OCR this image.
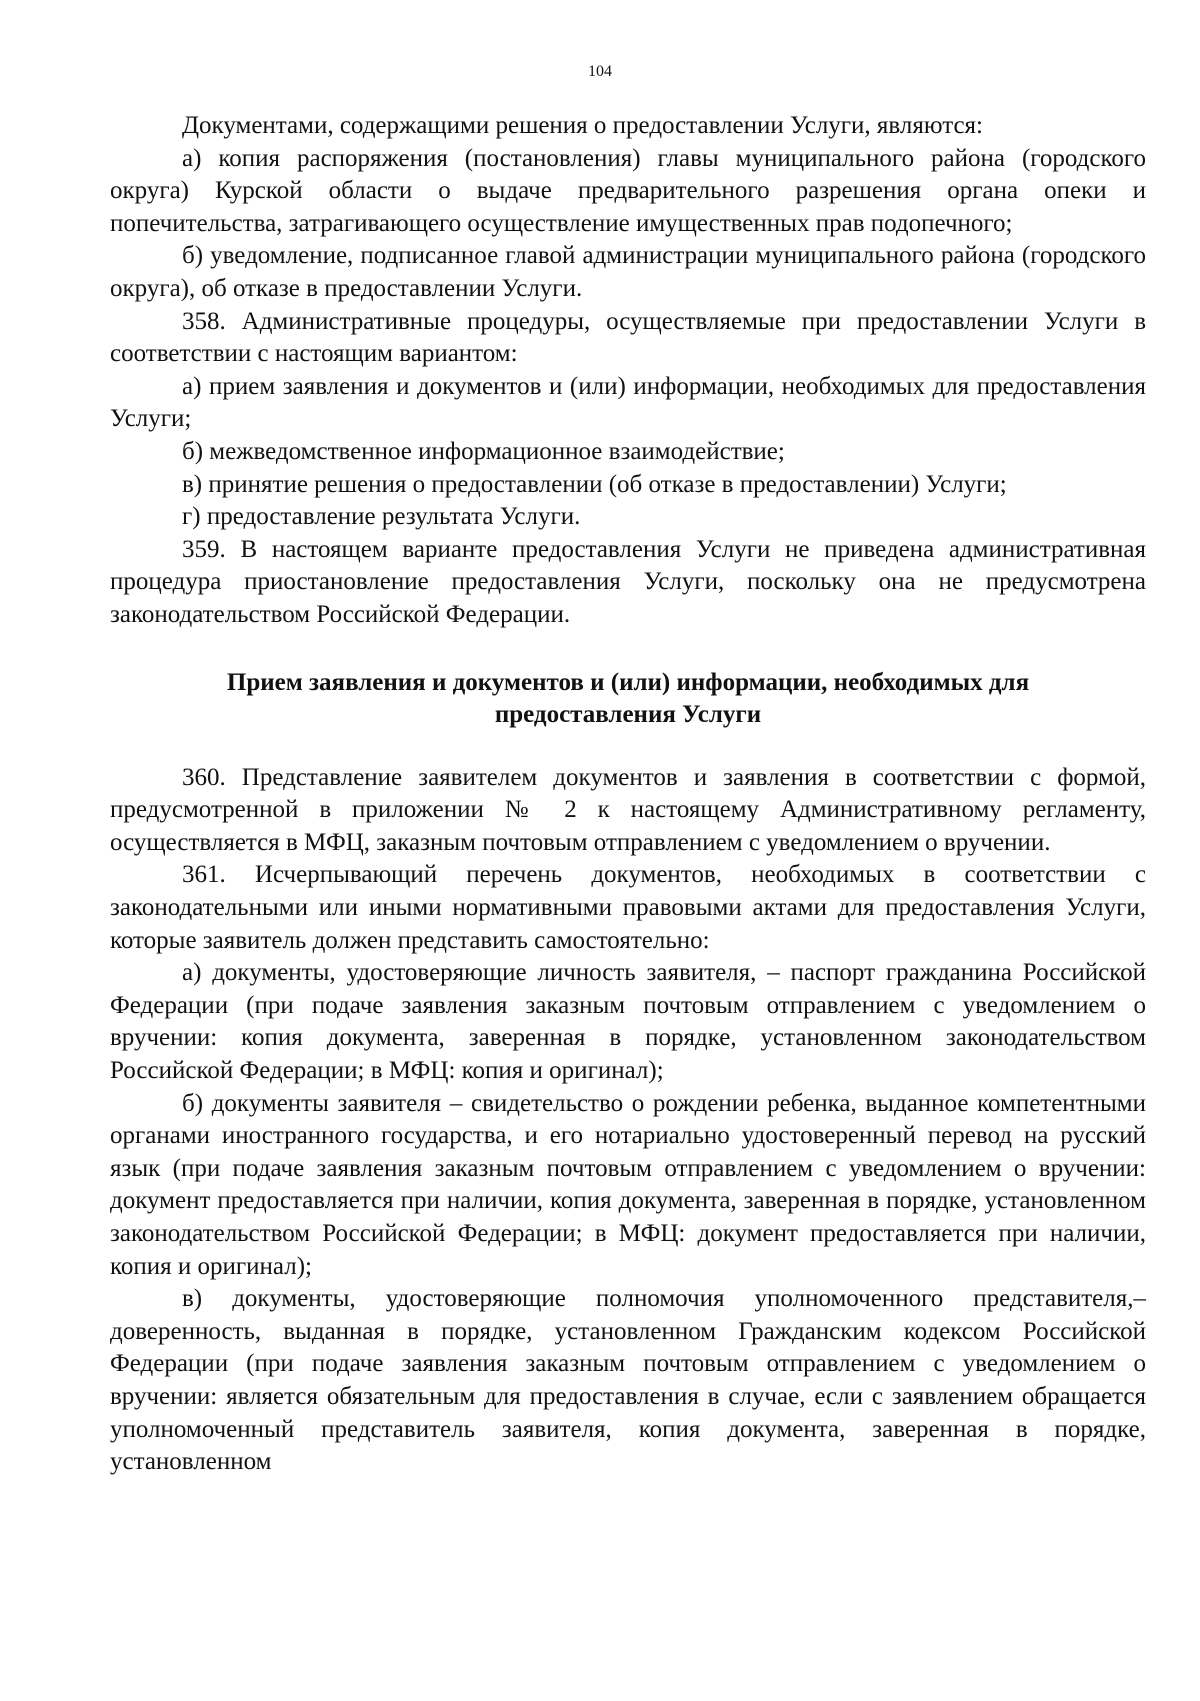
104

Документами, содержащими решения о предоставлении Услуги, являются:

а) копия распоряжения (постановления) главы муниципального района (городского округа) Курской области о выдаче предварительного разрешения органа опеки и попечительства, затрагивающего осуществление имущественных прав подопечного;

б) уведомление, подписанное главой администрации муниципального района (городского округа), об отказе в предоставлении Услуги.

358. Административные процедуры, осуществляемые при предоставлении Услуги в соответствии с настоящим вариантом:

а) прием заявления и документов и (или) информации, необходимых для предоставления Услуги;

б) межведомственное информационное взаимодействие;

в) принятие решения о предоставлении (об отказе в предоставлении) Услуги;

г) предоставление результата Услуги.

359. В настоящем варианте предоставления Услуги не приведена административная процедура приостановление предоставления Услуги, поскольку она не предусмотрена законодательством Российской Федерации.

Прием заявления и документов и (или) информации, необходимых для предоставления Услуги

360. Представление заявителем документов и заявления в соответствии с формой, предусмотренной в приложении № 2 к настоящему Административному регламенту, осуществляется в МФЦ, заказным почтовым отправлением с уведомлением о вручении.

361. Исчерпывающий перечень документов, необходимых в соответствии с законодательными или иными нормативными правовыми актами для предоставления Услуги, которые заявитель должен представить самостоятельно:

а) документы, удостоверяющие личность заявителя, – паспорт гражданина Российской Федерации (при подаче заявления заказным почтовым отправлением с уведомлением о вручении: копия документа, заверенная в порядке, установленном законодательством Российской Федерации; в МФЦ: копия и оригинал);

б) документы заявителя – свидетельство о рождении ребенка, выданное компетентными органами иностранного государства, и его нотариально удостоверенный перевод на русский язык (при подаче заявления заказным почтовым отправлением с уведомлением о вручении: документ предоставляется при наличии, копия документа, заверенная в порядке, установленном законодательством Российской Федерации; в МФЦ: документ предоставляется при наличии, копия и оригинал);

в) документы, удостоверяющие полномочия уполномоченного представителя,– доверенность, выданная в порядке, установленном Гражданским кодексом Российской Федерации (при подаче заявления заказным почтовым отправлением с уведомлением о вручении: является обязательным для предоставления в случае, если с заявлением обращается уполномоченный представитель заявителя, копия документа, заверенная в порядке, установленном
